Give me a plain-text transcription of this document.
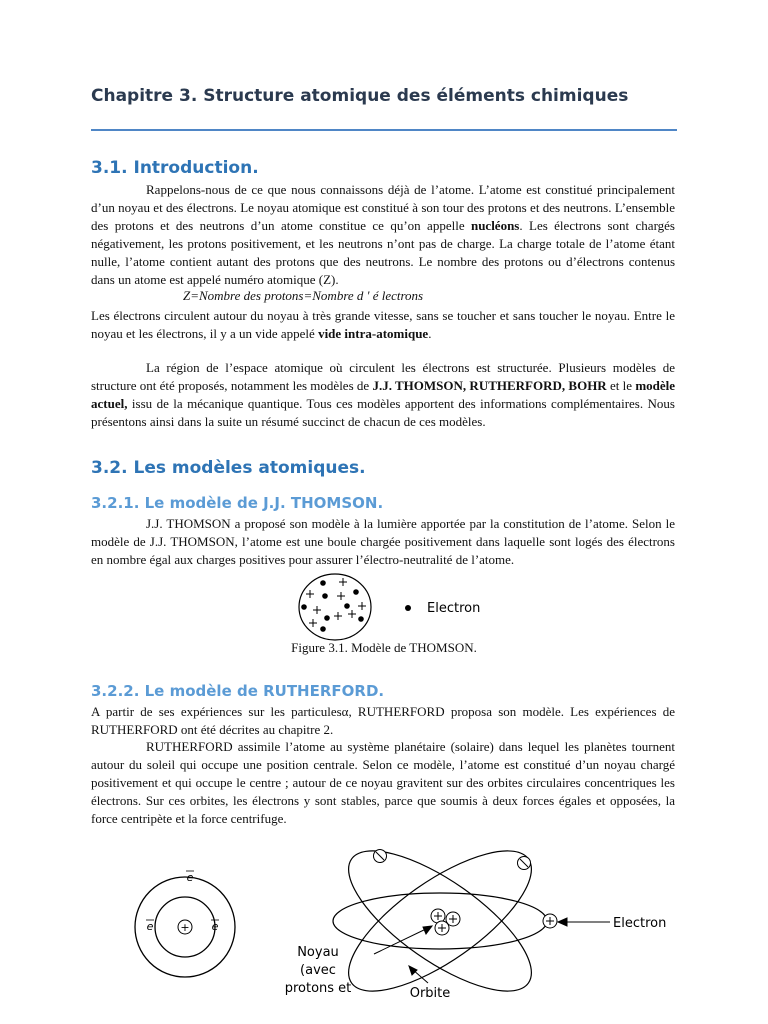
Chapitre 3. Structure atomique des éléments chimiques
3.1. Introduction.
Rappelons-nous de ce que nous connaissons déjà de l’atome. L’atome est constitué principalement d’un noyau et des électrons. Le noyau atomique est constitué à son tour des protons et des neutrons. L’ensemble des protons et des neutrons d’un atome constitue ce qu’on appelle nucléons. Les électrons sont chargés négativement, les protons positivement, et les neutrons n’ont pas de charge. La charge totale de l’atome étant nulle, l’atome contient autant des protons que des neutrons. Le nombre des protons ou d’électrons contenus dans un atome est appelé numéro atomique (Z).
Z=Nombre des protons=Nombre d ' é lectrons
Les électrons circulent autour du noyau à très grande vitesse, sans se toucher et sans toucher le noyau. Entre le noyau et les électrons, il y a un vide appelé vide intra-atomique.
La région de l’espace atomique où circulent les électrons est structurée. Plusieurs modèles de structure ont été proposés, notamment les modèles de J.J. THOMSON, RUTHERFORD, BOHR et le modèle actuel, issu de la mécanique quantique. Tous ces modèles apportent des informations complémentaires. Nous présentons ainsi dans la suite un résumé succinct de chacun de ces modèles.
3.2. Les modèles atomiques.
3.2.1. Le modèle de J.J. THOMSON.
J.J. THOMSON a proposé son modèle à la lumière apportée par la constitution de l’atome. Selon le modèle de J.J. THOMSON, l’atome est une boule chargée positivement dans laquelle sont logés des électrons en nombre égal aux charges positives pour assurer l’électro-neutralité de l’atome.
Electron
Figure 3.1. Modèle de THOMSON.
3.2.2. Le modèle de RUTHERFORD.
A partir de ses expériences sur les particulesα, RUTHERFORD proposa son modèle. Les expériences de RUTHERFORD ont été décrites au chapitre 2.
RUTHERFORD assimile l’atome au système planétaire (solaire) dans lequel les planètes tournent autour du soleil qui occupe une position centrale. Selon ce modèle, l’atome est constitué d’un noyau chargé positivement et qui occupe le centre ; autour de ce noyau gravitent sur des orbites circulaires concentriques les électrons. Sur ces orbites, les électrons y sont stables, parce que soumis à deux forces égales et opposées, la force centripète et la force centrifuge.
+
e
e	e	Electron
Noyau
(avec
protons et	Orbite
